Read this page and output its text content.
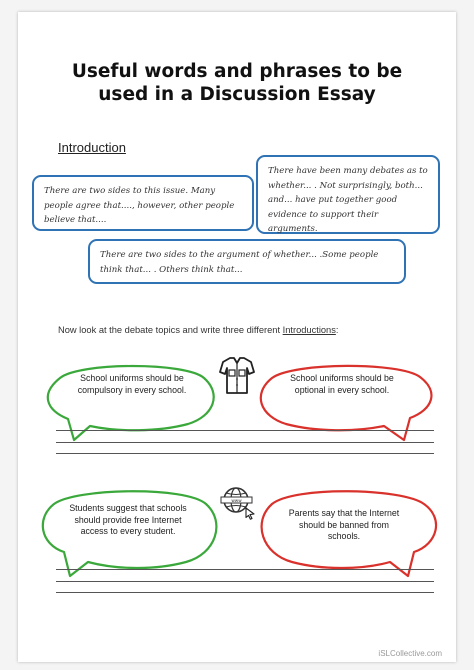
Useful words and phrases to be
used in a Discussion Essay
Introduction
There are two sides to this issue. Many people agree that...., however, other people believe that....
There have been many debates as to whether... . Not surprisingly, both... and... have put together good evidence to support their arguments.
There are two sides to the argument of whether... .Some people think that... . Others think that...
Now look at the debate topics and write three different Introductions:
School uniforms should be compulsory in every school.
School uniforms should be optional in every school.
Students suggest that schools should provide free Internet access to every student.
Parents say that the Internet should be banned from schools.
www
iSLCollective.com
